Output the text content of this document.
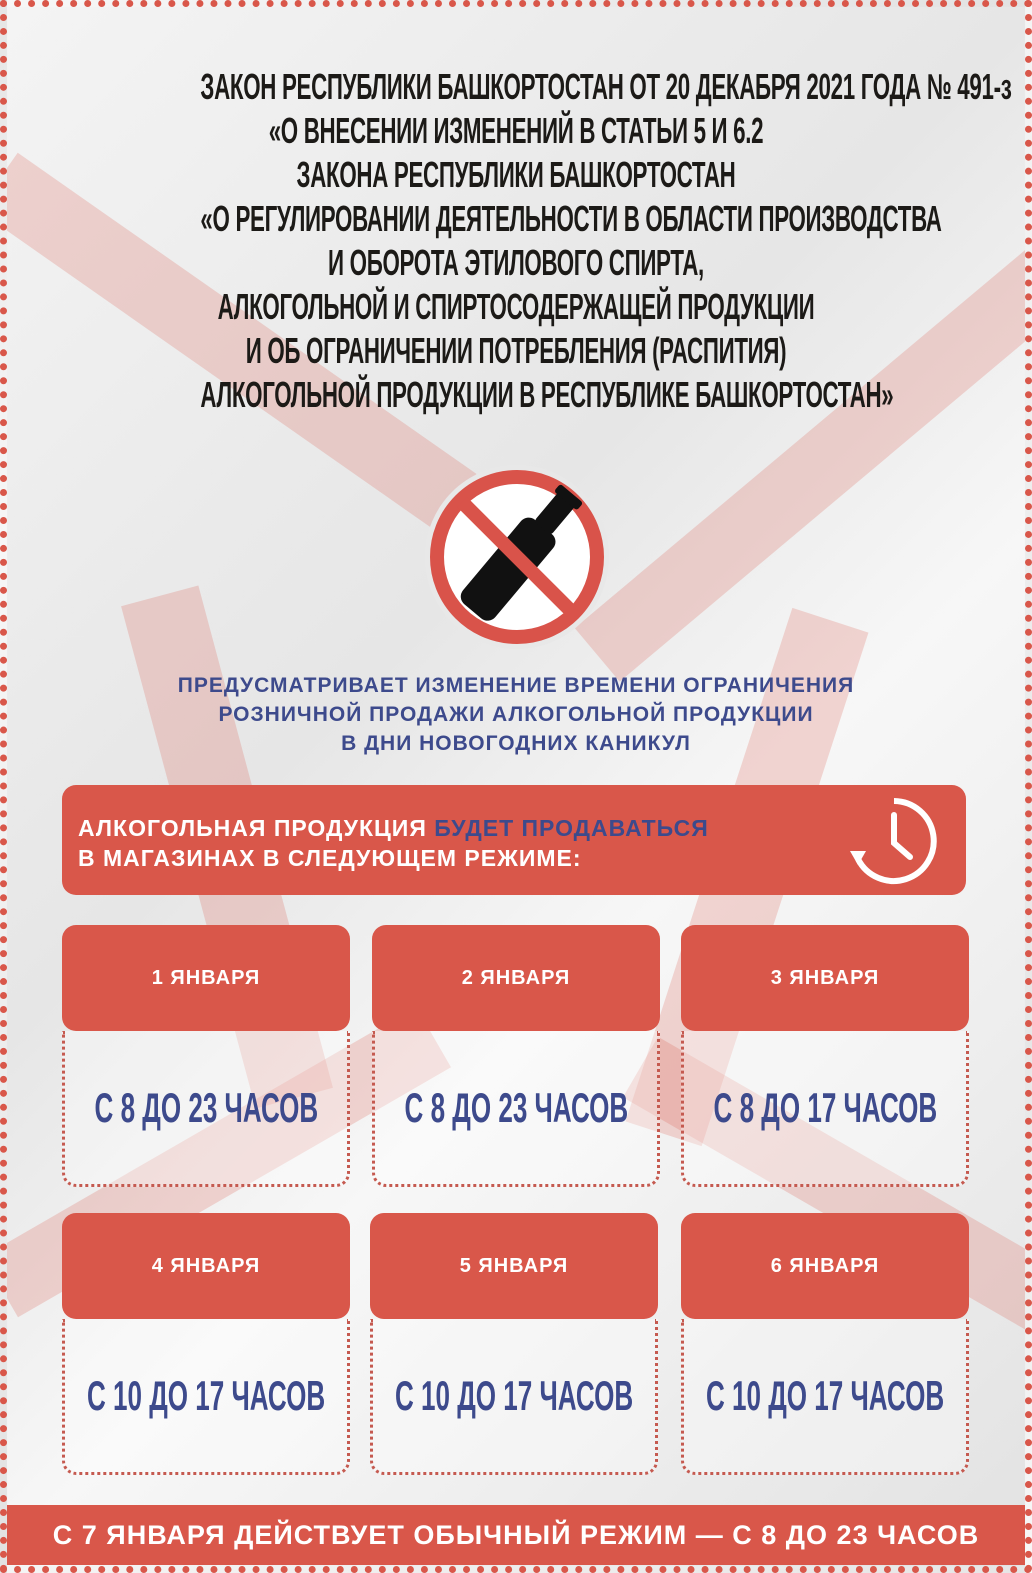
ЗАКОН РЕСПУБЛИКИ БАШКОРТОСТАН ОТ 20 ДЕКАБРЯ 2021 ГОДА № 491-з
«О ВНЕСЕНИИ ИЗМЕНЕНИЙ В СТАТЬИ 5 И 6.2
ЗАКОНА РЕСПУБЛИКИ БАШКОРТОСТАН
«О РЕГУЛИРОВАНИИ ДЕЯТЕЛЬНОСТИ В ОБЛАСТИ ПРОИЗВОДСТВА
И ОБОРОТА ЭТИЛОВОГО СПИРТА,
АЛКОГОЛЬНОЙ И СПИРТОСОДЕРЖАЩЕЙ ПРОДУКЦИИ
И ОБ ОГРАНИЧЕНИИ ПОТРЕБЛЕНИЯ (РАСПИТИЯ)
АЛКОГОЛЬНОЙ ПРОДУКЦИИ В РЕСПУБЛИКЕ БАШКОРТОСТАН»
ПРЕДУСМАТРИВАЕТ ИЗМЕНЕНИЕ ВРЕМЕНИ ОГРАНИЧЕНИЯ
РОЗНИЧНОЙ ПРОДАЖИ АЛКОГОЛЬНОЙ ПРОДУКЦИИ
В ДНИ НОВОГОДНИХ КАНИКУЛ
АЛКОГОЛЬНАЯ ПРОДУКЦИЯ БУДЕТ ПРОДАВАТЬСЯ
В МАГАЗИНАХ В СЛЕДУЮЩЕМ РЕЖИМЕ:
1 ЯНВАРЯ
С 8 ДО 23 ЧАСОВ
2 ЯНВАРЯ
С 8 ДО 23 ЧАСОВ
3 ЯНВАРЯ
С 8 ДО 17 ЧАСОВ
4 ЯНВАРЯ
С 10 ДО 17 ЧАСОВ
5 ЯНВАРЯ
С 10 ДО 17 ЧАСОВ
6 ЯНВАРЯ
С 10 ДО 17 ЧАСОВ
С 7 ЯНВАРЯ ДЕЙСТВУЕТ ОБЫЧНЫЙ РЕЖИМ — С 8 ДО 23 ЧАСОВ
